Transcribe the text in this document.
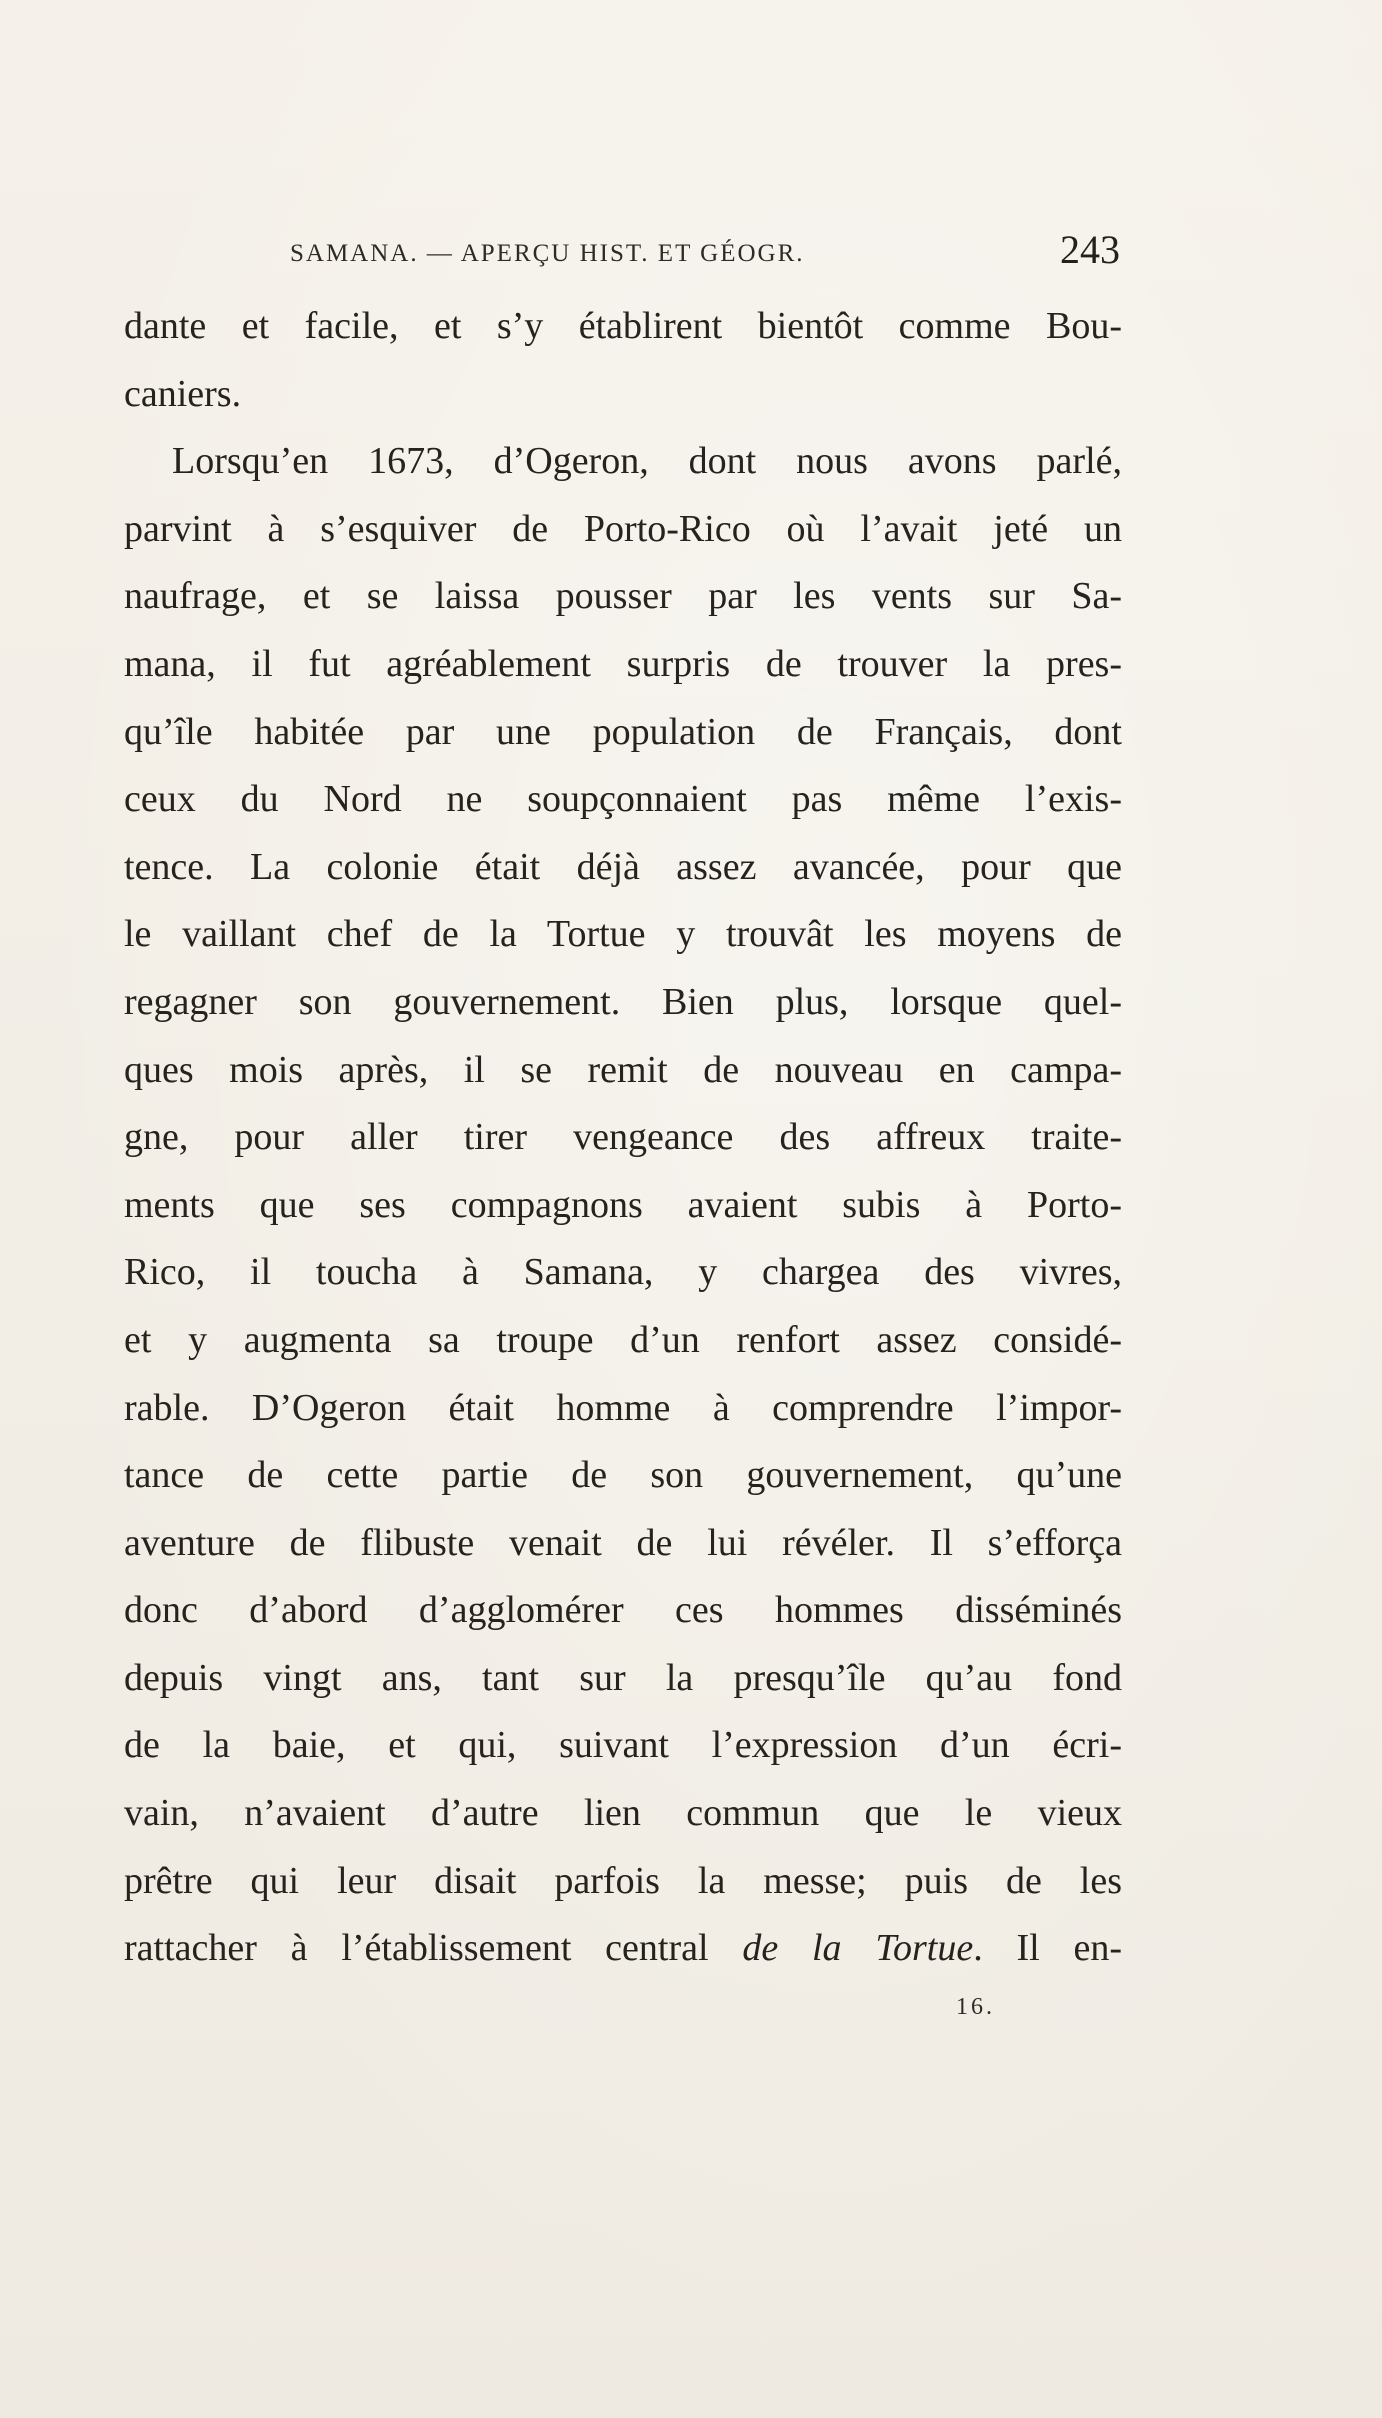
SAMANA. — APERÇU HIST. ET GÉOGR.	243
dante et facile, et s’y établirent bientôt comme Bou-
caniers.
Lorsqu’en 1673, d’Ogeron, dont nous avons parlé,
parvint à s’esquiver de Porto-Rico où l’avait jeté un
naufrage, et se laissa pousser par les vents sur Sa-
mana, il fut agréablement surpris de trouver la pres-
qu’île habitée par une population de Français, dont
ceux du Nord ne soupçonnaient pas même l’exis-
tence. La colonie était déjà assez avancée, pour que
le vaillant chef de la Tortue y trouvât les moyens de
regagner son gouvernement. Bien plus, lorsque quel-
ques mois après, il se remit de nouveau en campa-
gne, pour aller tirer vengeance des affreux traite-
ments que ses compagnons avaient subis à Porto-
Rico, il toucha à Samana, y chargea des vivres,
et y augmenta sa troupe d’un renfort assez considé-
rable. D’Ogeron était homme à comprendre l’impor-
tance de cette partie de son gouvernement, qu’une
aventure de flibuste venait de lui révéler. Il s’efforça
donc d’abord d’agglomérer ces hommes disséminés
depuis vingt ans, tant sur la presqu’île qu’au fond
de la baie, et qui, suivant l’expression d’un écri-
vain, n’avaient d’autre lien commun que le vieux
prêtre qui leur disait parfois la messe; puis de les
rattacher à l’établissement central de la Tortue. Il en-
16.
